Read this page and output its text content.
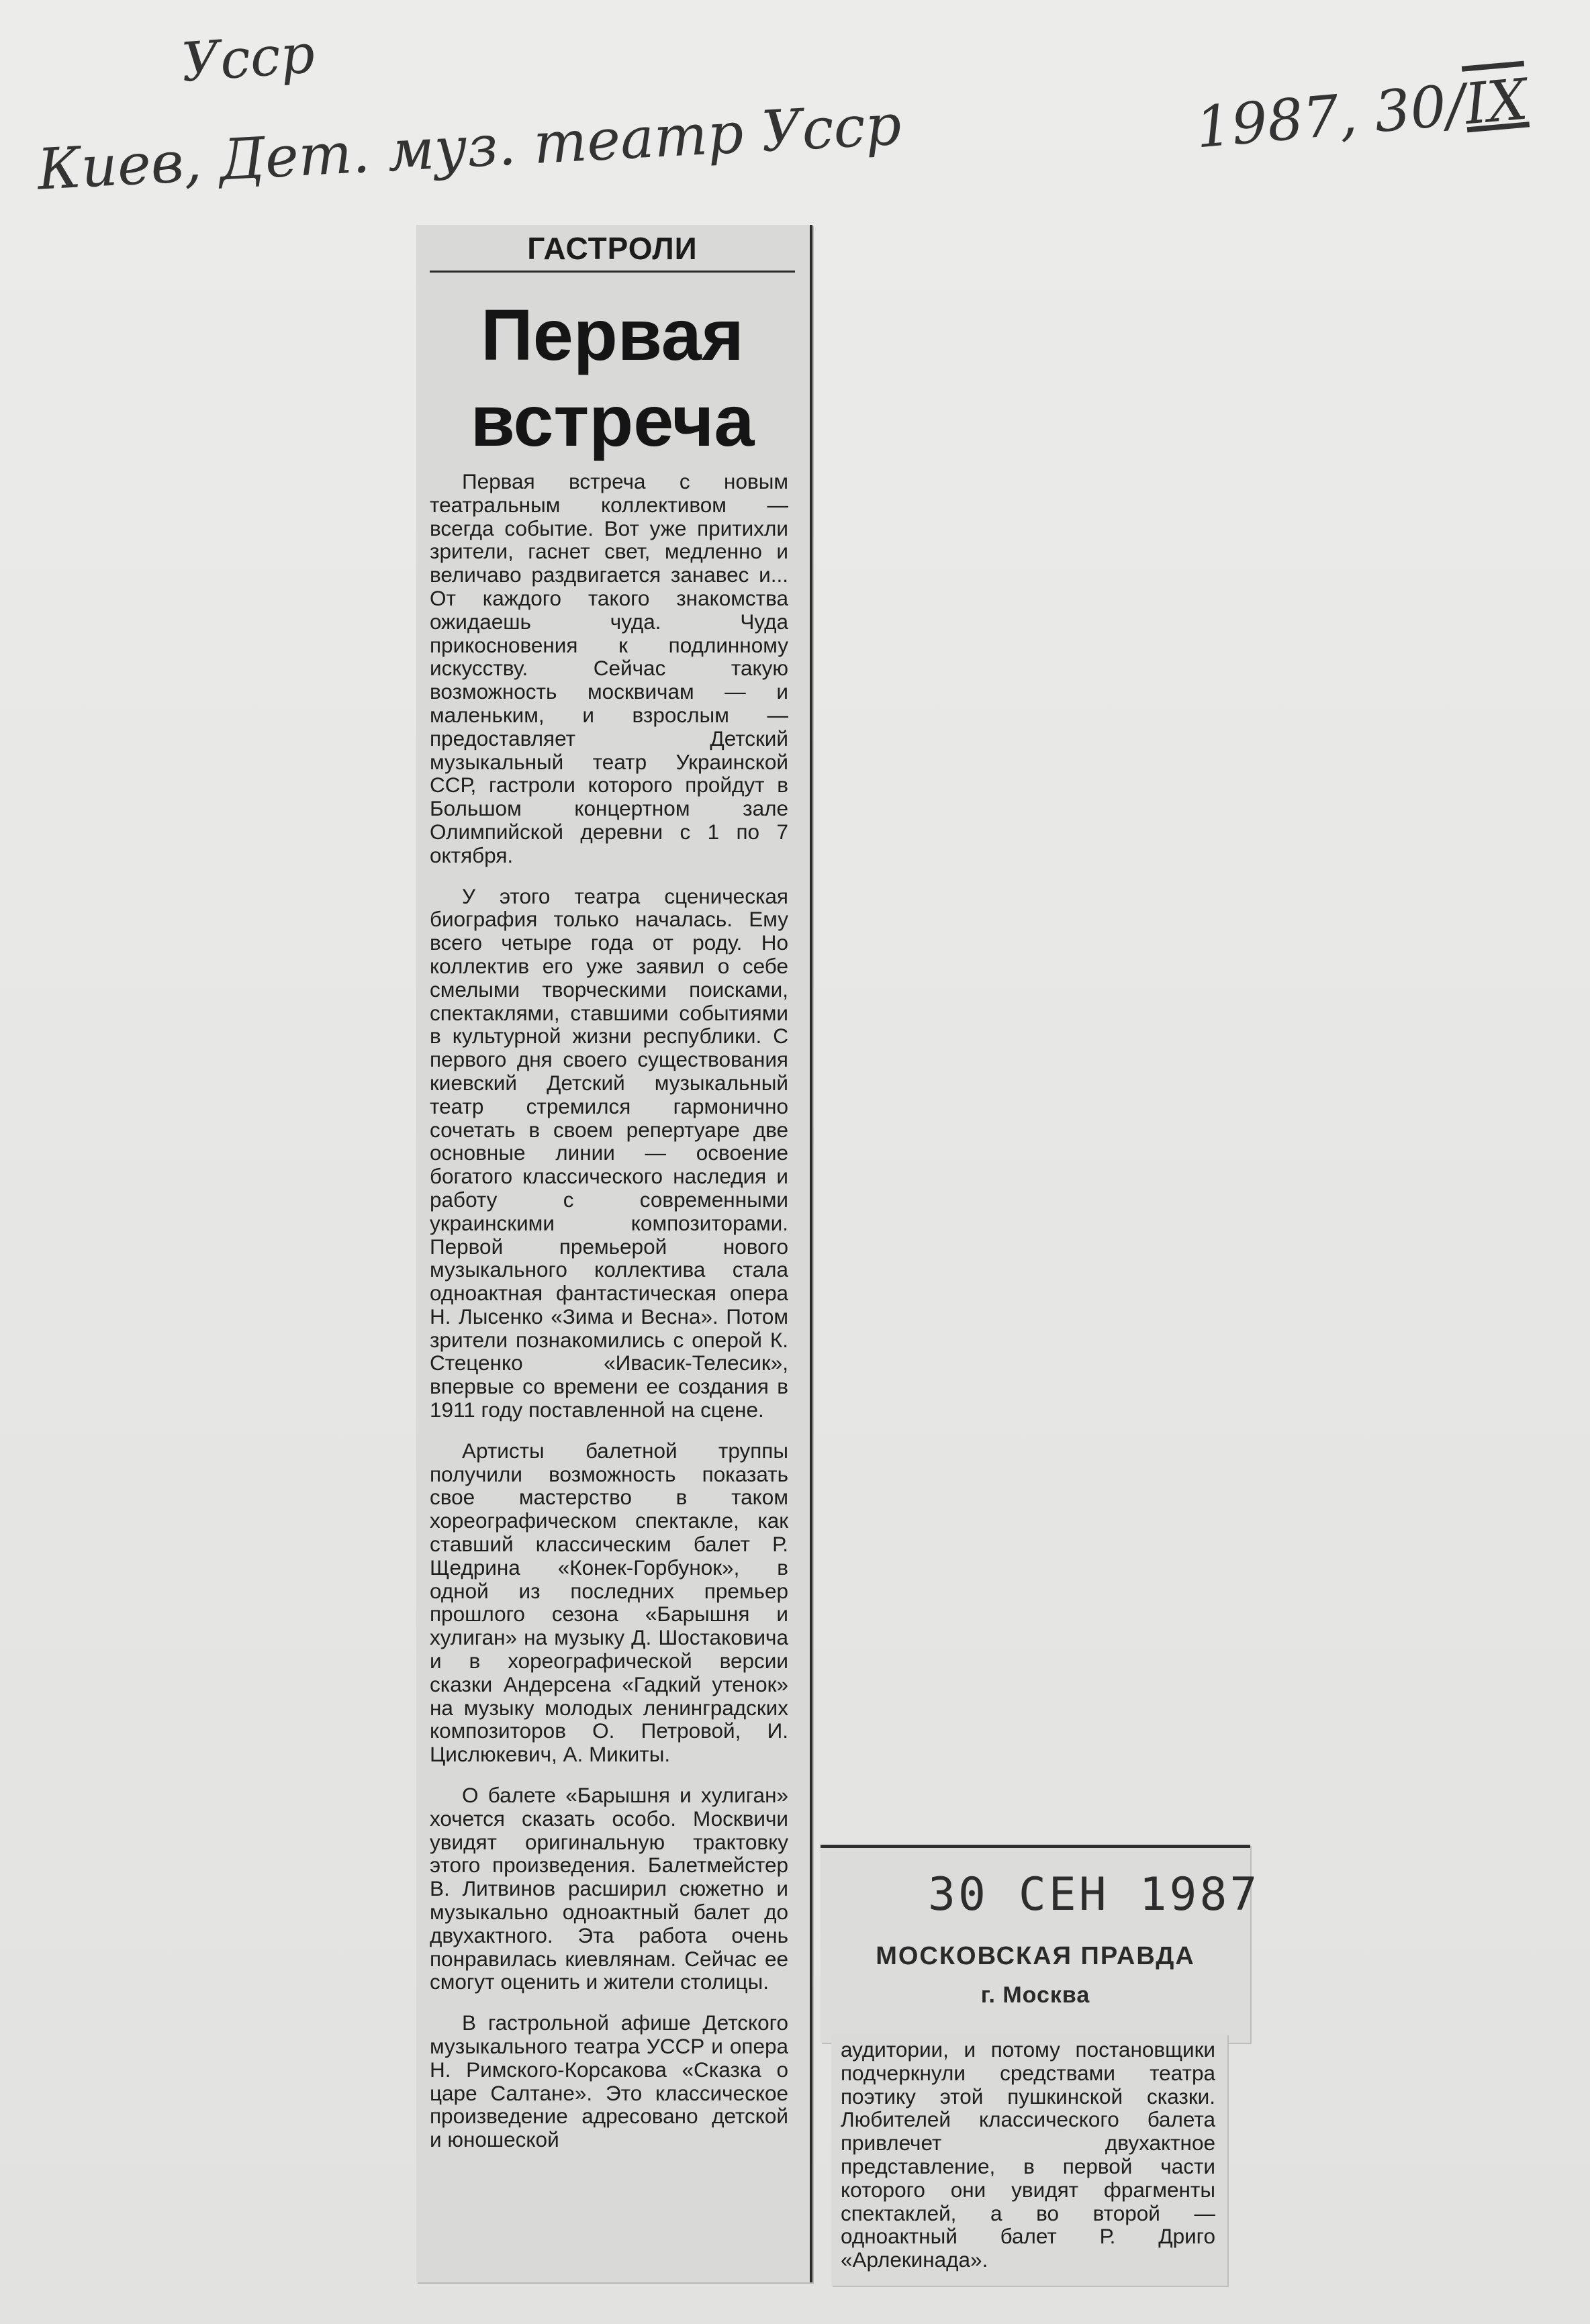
Усср
Киев, Дет. муз. театр Усср	1987, 30/IX
ГАСТРОЛИ
Первая
встреча

Первая встреча с новым театральным коллективом — всегда событие. Вот уже притихли зрители, гаснет свет, медленно и величаво раздвигается занавес и... От каждого такого знакомства ожидаешь чуда. Чуда прикосновения к подлинному искусству. Сейчас такую возможность москвичам — и маленьким, и взрослым — предоставляет Детский музыкальный театр Украинской ССР, гастроли которого пройдут в Большом концертном зале Олимпийской деревни с 1 по 7 октября.

У этого театра сценическая биография только началась. Ему всего четыре года от роду. Но коллектив его уже заявил о себе смелыми творческими поисками, спектаклями, ставшими событиями в культурной жизни республики. С первого дня своего существования киевский Детский музыкальный театр стремился гармонично сочетать в своем репертуаре две основные линии — освоение богатого классического наследия и работу с современными украинскими композиторами. Первой премьерой нового музыкального коллектива стала одноактная фантастическая опера Н. Лысенко «Зима и Весна». Потом зрители познакомились с оперой К. Стеценко «Ивасик-Телесик», впервые со времени ее создания в 1911 году поставленной на сцене.

Артисты балетной труппы получили возможность показать свое мастерство в таком хореографическом спектакле, как ставший классическим балет Р. Щедрина «Конек-Горбунок», в одной из последних премьер прошлого сезона «Барышня и хулиган» на музыку Д. Шостаковича и в хореографической версии сказки Андерсена «Гадкий утенок» на музыку молодых ленинградских композиторов О. Петровой, И. Цислюкевич, А. Микиты.

О балете «Барышня и хулиган» хочется сказать особо. Москвичи увидят оригинальную трактовку этого произведения. Балетмейстер В. Литвинов расширил сюжетно и музыкально одноактный балет до двухактного. Эта работа очень понравилась киевлянам. Сейчас ее смогут оценить и жители столицы.

В гастрольной афише Детского музыкального театра УССР и опера Н. Римского-Корсакова «Сказка о царе Салтане». Это классическое произведение адресовано детской и юношеской

30 СЕН 1987
МОСКОВСКАЯ ПРАВДА
г. Москва
аудитории, и потому постановщики подчеркнули средствами театра поэтику этой пушкинской сказки. Любителей классического балета привлечет двухактное представление, в первой части которого они увидят фрагменты спектаклей, а во второй — одноактный балет Р. Дриго «Арлекинада».
